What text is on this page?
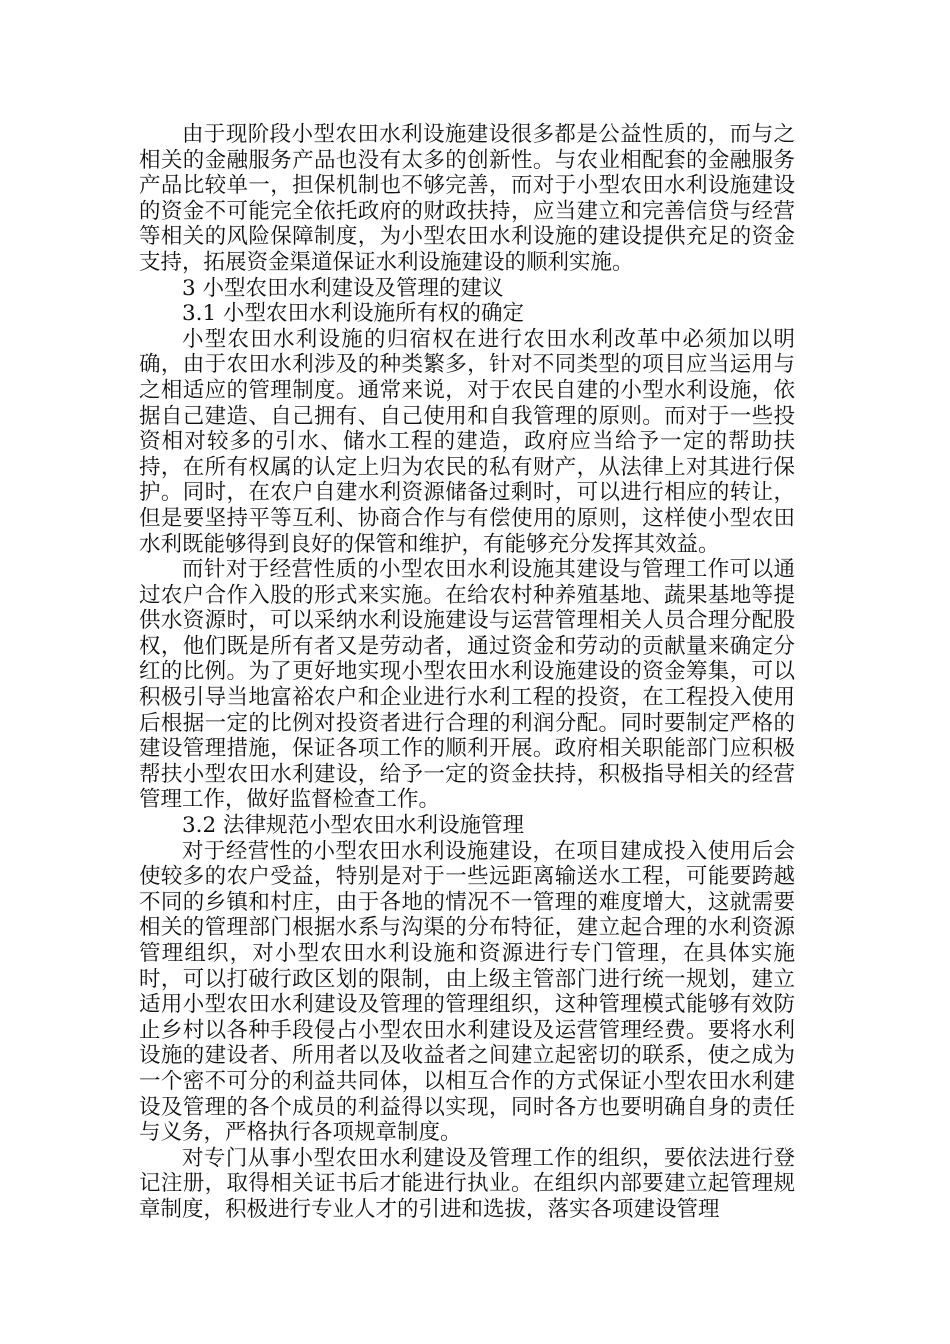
由于现阶段小型农田水利设施建设很多都是公益性质的，而与之相关的金融服务产品也没有太多的创新性。与农业相配套的金融服务产品比较单一，担保机制也不够完善，而对于小型农田水利设施建设的资金不可能完全依托政府的财政扶持，应当建立和完善信贷与经营等相关的风险保障制度，为小型农田水利设施的建设提供充足的资金支持，拓展资金渠道保证水利设施建设的顺利实施。

3 小型农田水利建设及管理的建议

3.1 小型农田水利设施所有权的确定

小型农田水利设施的归宿权在进行农田水利改革中必须加以明确，由于农田水利涉及的种类繁多，针对不同类型的项目应当运用与之相适应的管理制度。通常来说，对于农民自建的小型水利设施，依据自己建造、自己拥有、自己使用和自我管理的原则。而对于一些投资相对较多的引水、储水工程的建造，政府应当给予一定的帮助扶持，在所有权属的认定上归为农民的私有财产，从法律上对其进行保护。同时，在农户自建水利资源储备过剩时，可以进行相应的转让，但是要坚持平等互利、协商合作与有偿使用的原则，这样使小型农田水利既能够得到良好的保管和维护，有能够充分发挥其效益。

而针对于经营性质的小型农田水利设施其建设与管理工作可以通过农户合作入股的形式来实施。在给农村种养殖基地、蔬果基地等提供水资源时，可以采纳水利设施建设与运营管理相关人员合理分配股权，他们既是所有者又是劳动者，通过资金和劳动的贡献量来确定分红的比例。为了更好地实现小型农田水利设施建设的资金筹集，可以积极引导当地富裕农户和企业进行水利工程的投资，在工程投入使用后根据一定的比例对投资者进行合理的利润分配。同时要制定严格的建设管理措施，保证各项工作的顺利开展。政府相关职能部门应积极帮扶小型农田水利建设，给予一定的资金扶持，积极指导相关的经营管理工作，做好监督检查工作。

3.2 法律规范小型农田水利设施管理

对于经营性的小型农田水利设施建设，在项目建成投入使用后会使较多的农户受益，特别是对于一些远距离输送水工程，可能要跨越不同的乡镇和村庄，由于各地的情况不一管理的难度增大，这就需要相关的管理部门根据水系与沟渠的分布特征，建立起合理的水利资源管理组织，对小型农田水利设施和资源进行专门管理，在具体实施时，可以打破行政区划的限制，由上级主管部门进行统一规划，建立适用小型农田水利建设及管理的管理组织，这种管理模式能够有效防止乡村以各种手段侵占小型农田水利建设及运营管理经费。要将水利设施的建设者、所用者以及收益者之间建立起密切的联系，使之成为一个密不可分的利益共同体，以相互合作的方式保证小型农田水利建设及管理的各个成员的利益得以实现，同时各方也要明确自身的责任与义务，严格执行各项规章制度。

对专门从事小型农田水利建设及管理工作的组织，要依法进行登记注册，取得相关证书后才能进行执业。在组织内部要建立起管理规章制度，积极进行专业人才的引进和选拔，落实各项建设管理
